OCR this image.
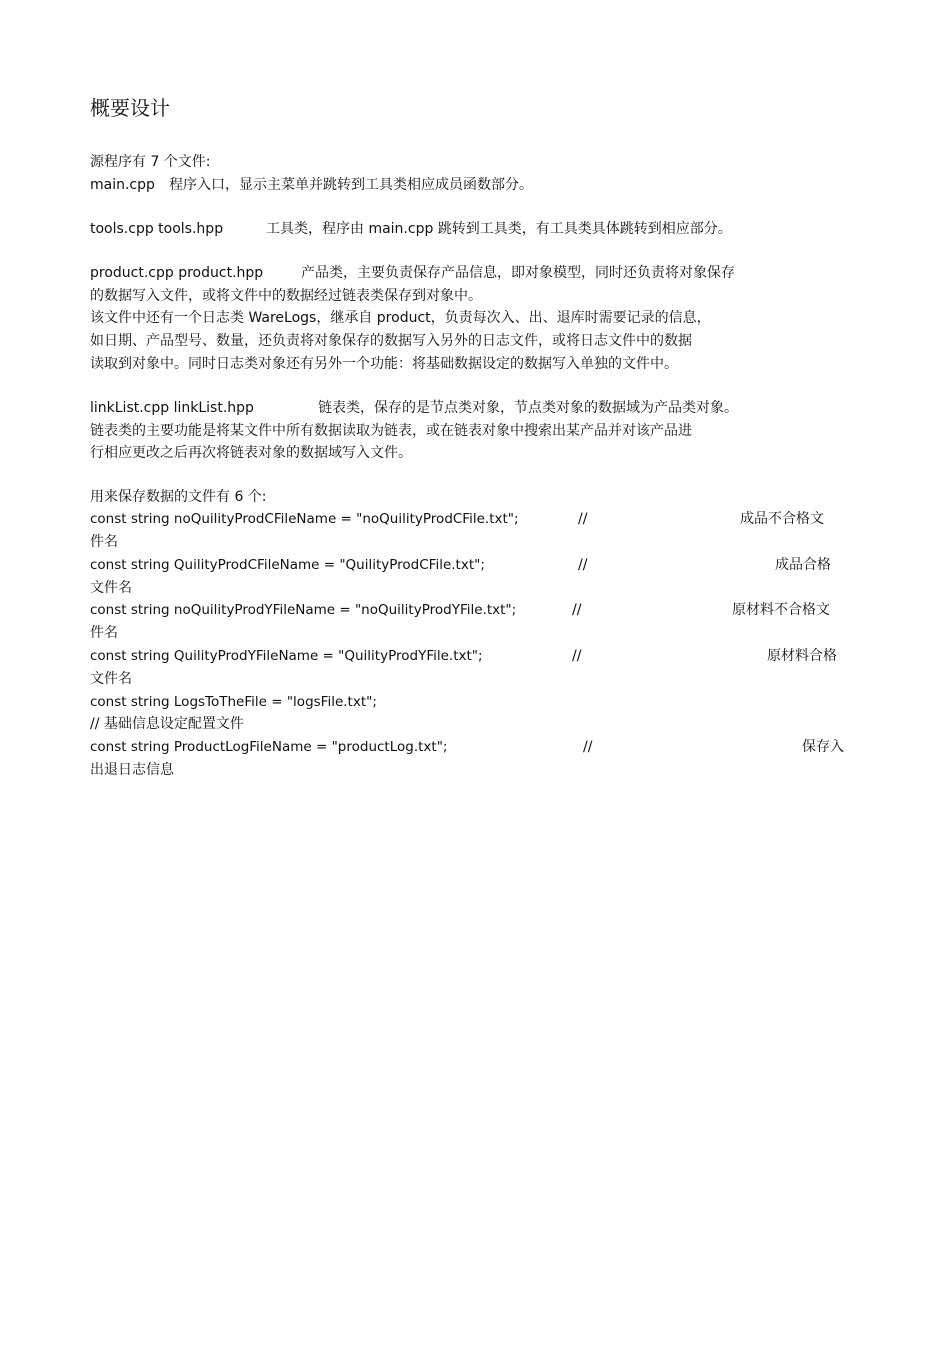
概要设计
源程序有 7 个文件:
main.cpp 程序入口，显示主菜单并跳转到工具类相应成员函数部分。
tools.cpp tools.hpp	工具类，程序由 main.cpp 跳转到工具类，有工具类具体跳转到相应部分。
product.cpp product.hpp	产品类，主要负责保存产品信息，即对象模型，同时还负责将对象保存
的数据写入文件，或将文件中的数据经过链表类保存到对象中。
该文件中还有一个日志类 WareLogs，继承自 product，负责每次入、出、退库时需要记录的信息，
如日期、产品型号、数量，还负责将对象保存的数据写入另外的日志文件，或将日志文件中的数据
读取到对象中。同时日志类对象还有另外一个功能：将基础数据设定的数据写入单独的文件中。
linkList.cpp linkList.hpp	链表类，保存的是节点类对象，节点类对象的数据域为产品类对象。
链表类的主要功能是将某文件中所有数据读取为链表，或在链表对象中搜索出某产品并对该产品进
行相应更改之后再次将链表对象的数据域写入文件。
用来保存数据的文件有 6 个:
const string noQuilityProdCFileName = "noQuilityProdCFile.txt";	//	成品不合格文
件名
const string QuilityProdCFileName = "QuilityProdCFile.txt";	//	成品合格
文件名
const string noQuilityProdYFileName = "noQuilityProdYFile.txt";	//	原材料不合格文
件名
const string QuilityProdYFileName = "QuilityProdYFile.txt";	//	原材料合格
文件名
const string LogsToTheFile = "logsFile.txt";
// 基础信息设定配置文件
const string ProductLogFileName = "productLog.txt";	//	保存入
出退日志信息
